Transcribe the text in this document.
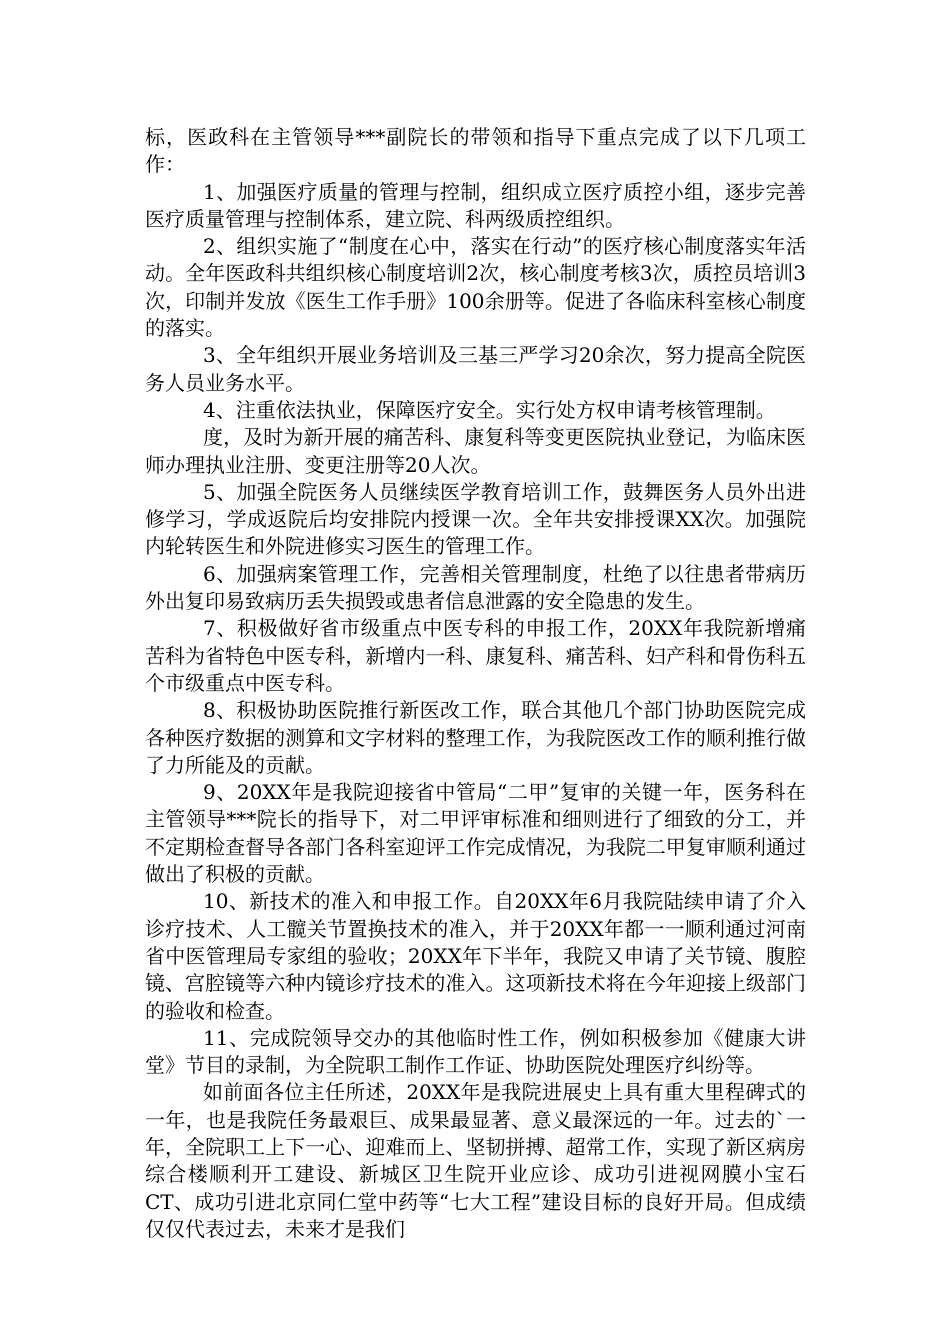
标，医政科在主管领导***副院长的带领和指导下重点完成了以下几项工作：

1、加强医疗质量的管理与控制，组织成立医疗质控小组，逐步完善医疗质量管理与控制体系，建立院、科两级质控组织。

2、组织实施了“制度在心中，落实在行动”的医疗核心制度落实年活动。全年医政科共组织核心制度培训2次，核心制度考核3次，质控员培训3次，印制并发放《医生工作手册》100余册等。促进了各临床科室核心制度的落实。

3、全年组织开展业务培训及三基三严学习20余次，努力提高全院医务人员业务水平。

4、注重依法执业，保障医疗安全。实行处方权申请考核管理制。

度，及时为新开展的痛苦科、康复科等变更医院执业登记，为临床医师办理执业注册、变更注册等20人次。

5、加强全院医务人员继续医学教育培训工作，鼓舞医务人员外出进修学习，学成返院后均安排院内授课一次。全年共安排授课XX次。加强院内轮转医生和外院进修实习医生的管理工作。

6、加强病案管理工作，完善相关管理制度，杜绝了以往患者带病历外出复印易致病历丢失损毁或患者信息泄露的安全隐患的发生。

7、积极做好省市级重点中医专科的申报工作，20XX年我院新增痛苦科为省特色中医专科，新增内一科、康复科、痛苦科、妇产科和骨伤科五个市级重点中医专科。

8、积极协助医院推行新医改工作，联合其他几个部门协助医院完成各种医疗数据的测算和文字材料的整理工作，为我院医改工作的顺利推行做了力所能及的贡献。

9、20XX年是我院迎接省中管局“二甲”复审的关键一年，医务科在主管领导***院长的指导下，对二甲评审标准和细则进行了细致的分工，并不定期检查督导各部门各科室迎评工作完成情况，为我院二甲复审顺利通过做出了积极的贡献。

10、新技术的准入和申报工作。自20XX年6月我院陆续申请了介入诊疗技术、人工髋关节置换技术的准入，并于20XX年都一一顺利通过河南省中医管理局专家组的验收；20XX年下半年，我院又申请了关节镜、腹腔镜、宫腔镜等六种内镜诊疗技术的准入。这项新技术将在今年迎接上级部门的验收和检查。

11、完成院领导交办的其他临时性工作，例如积极参加《健康大讲堂》节目的录制，为全院职工制作工作证、协助医院处理医疗纠纷等。

如前面各位主任所述，20XX年是我院进展史上具有重大里程碑式的一年，也是我院任务最艰巨、成果最显著、意义最深远的一年。过去的`一年，全院职工上下一心、迎难而上、坚韧拼搏、超常工作，实现了新区病房综合楼顺利开工建设、新城区卫生院开业应诊、成功引进视网膜小宝石CT、成功引进北京同仁堂中药等“七大工程”建设目标的良好开局。但成绩仅仅代表过去，未来才是我们
